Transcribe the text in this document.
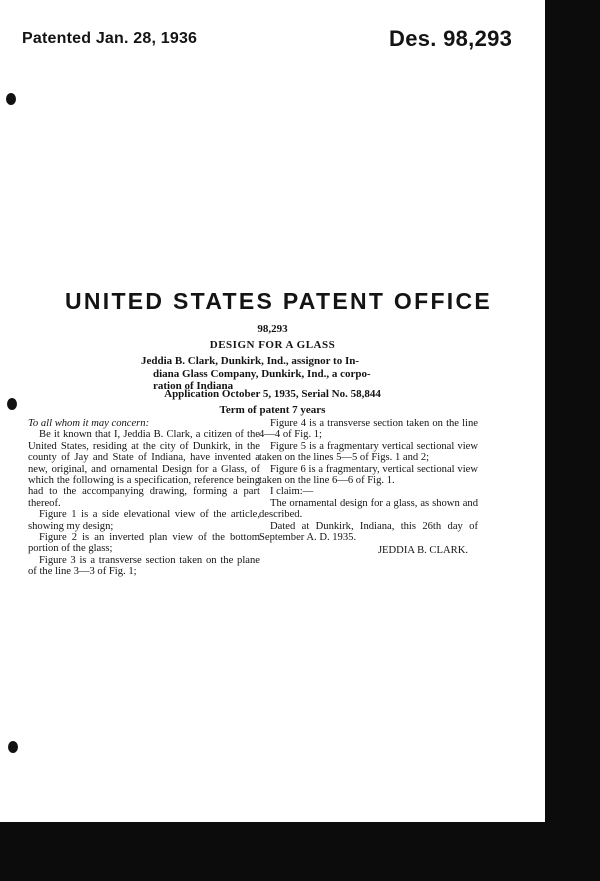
Patented Jan. 28, 1936	Des. 98,293
UNITED STATES PATENT OFFICE
98,293
DESIGN FOR A GLASS
Jeddia B. Clark, Dunkirk, Ind., assignor to In-
diana Glass Company, Dunkirk, Ind., a corpo-
ration of Indiana
Application October 5, 1935, Serial No. 58,844
Term of patent 7 years

To all whom it may concern:

Be it known that I, Jeddia B. Clark, a citizen of the United States, residing at the city of Dunkirk, in the county of Jay and State of Indiana, have invented a new, original, and ornamental Design for a Glass, of which the following is a specification, reference being had to the accompanying drawing, forming a part thereof.

Figure 1 is a side elevational view of the article, showing my design;

Figure 2 is an inverted plan view of the bottom portion of the glass;

Figure 3 is a transverse section taken on the plane of the line 3—3 of Fig. 1;

Figure 4 is a transverse section taken on the line 4—4 of Fig. 1;

Figure 5 is a fragmentary vertical sectional view taken on the lines 5—5 of Figs. 1 and 2;

Figure 6 is a fragmentary, vertical sectional view taken on the line 6—6 of Fig. 1.

I claim:—

The ornamental design for a glass, as shown and described.

Dated at Dunkirk, Indiana, this 26th day of September A. D. 1935.

JEDDIA B. CLARK.
